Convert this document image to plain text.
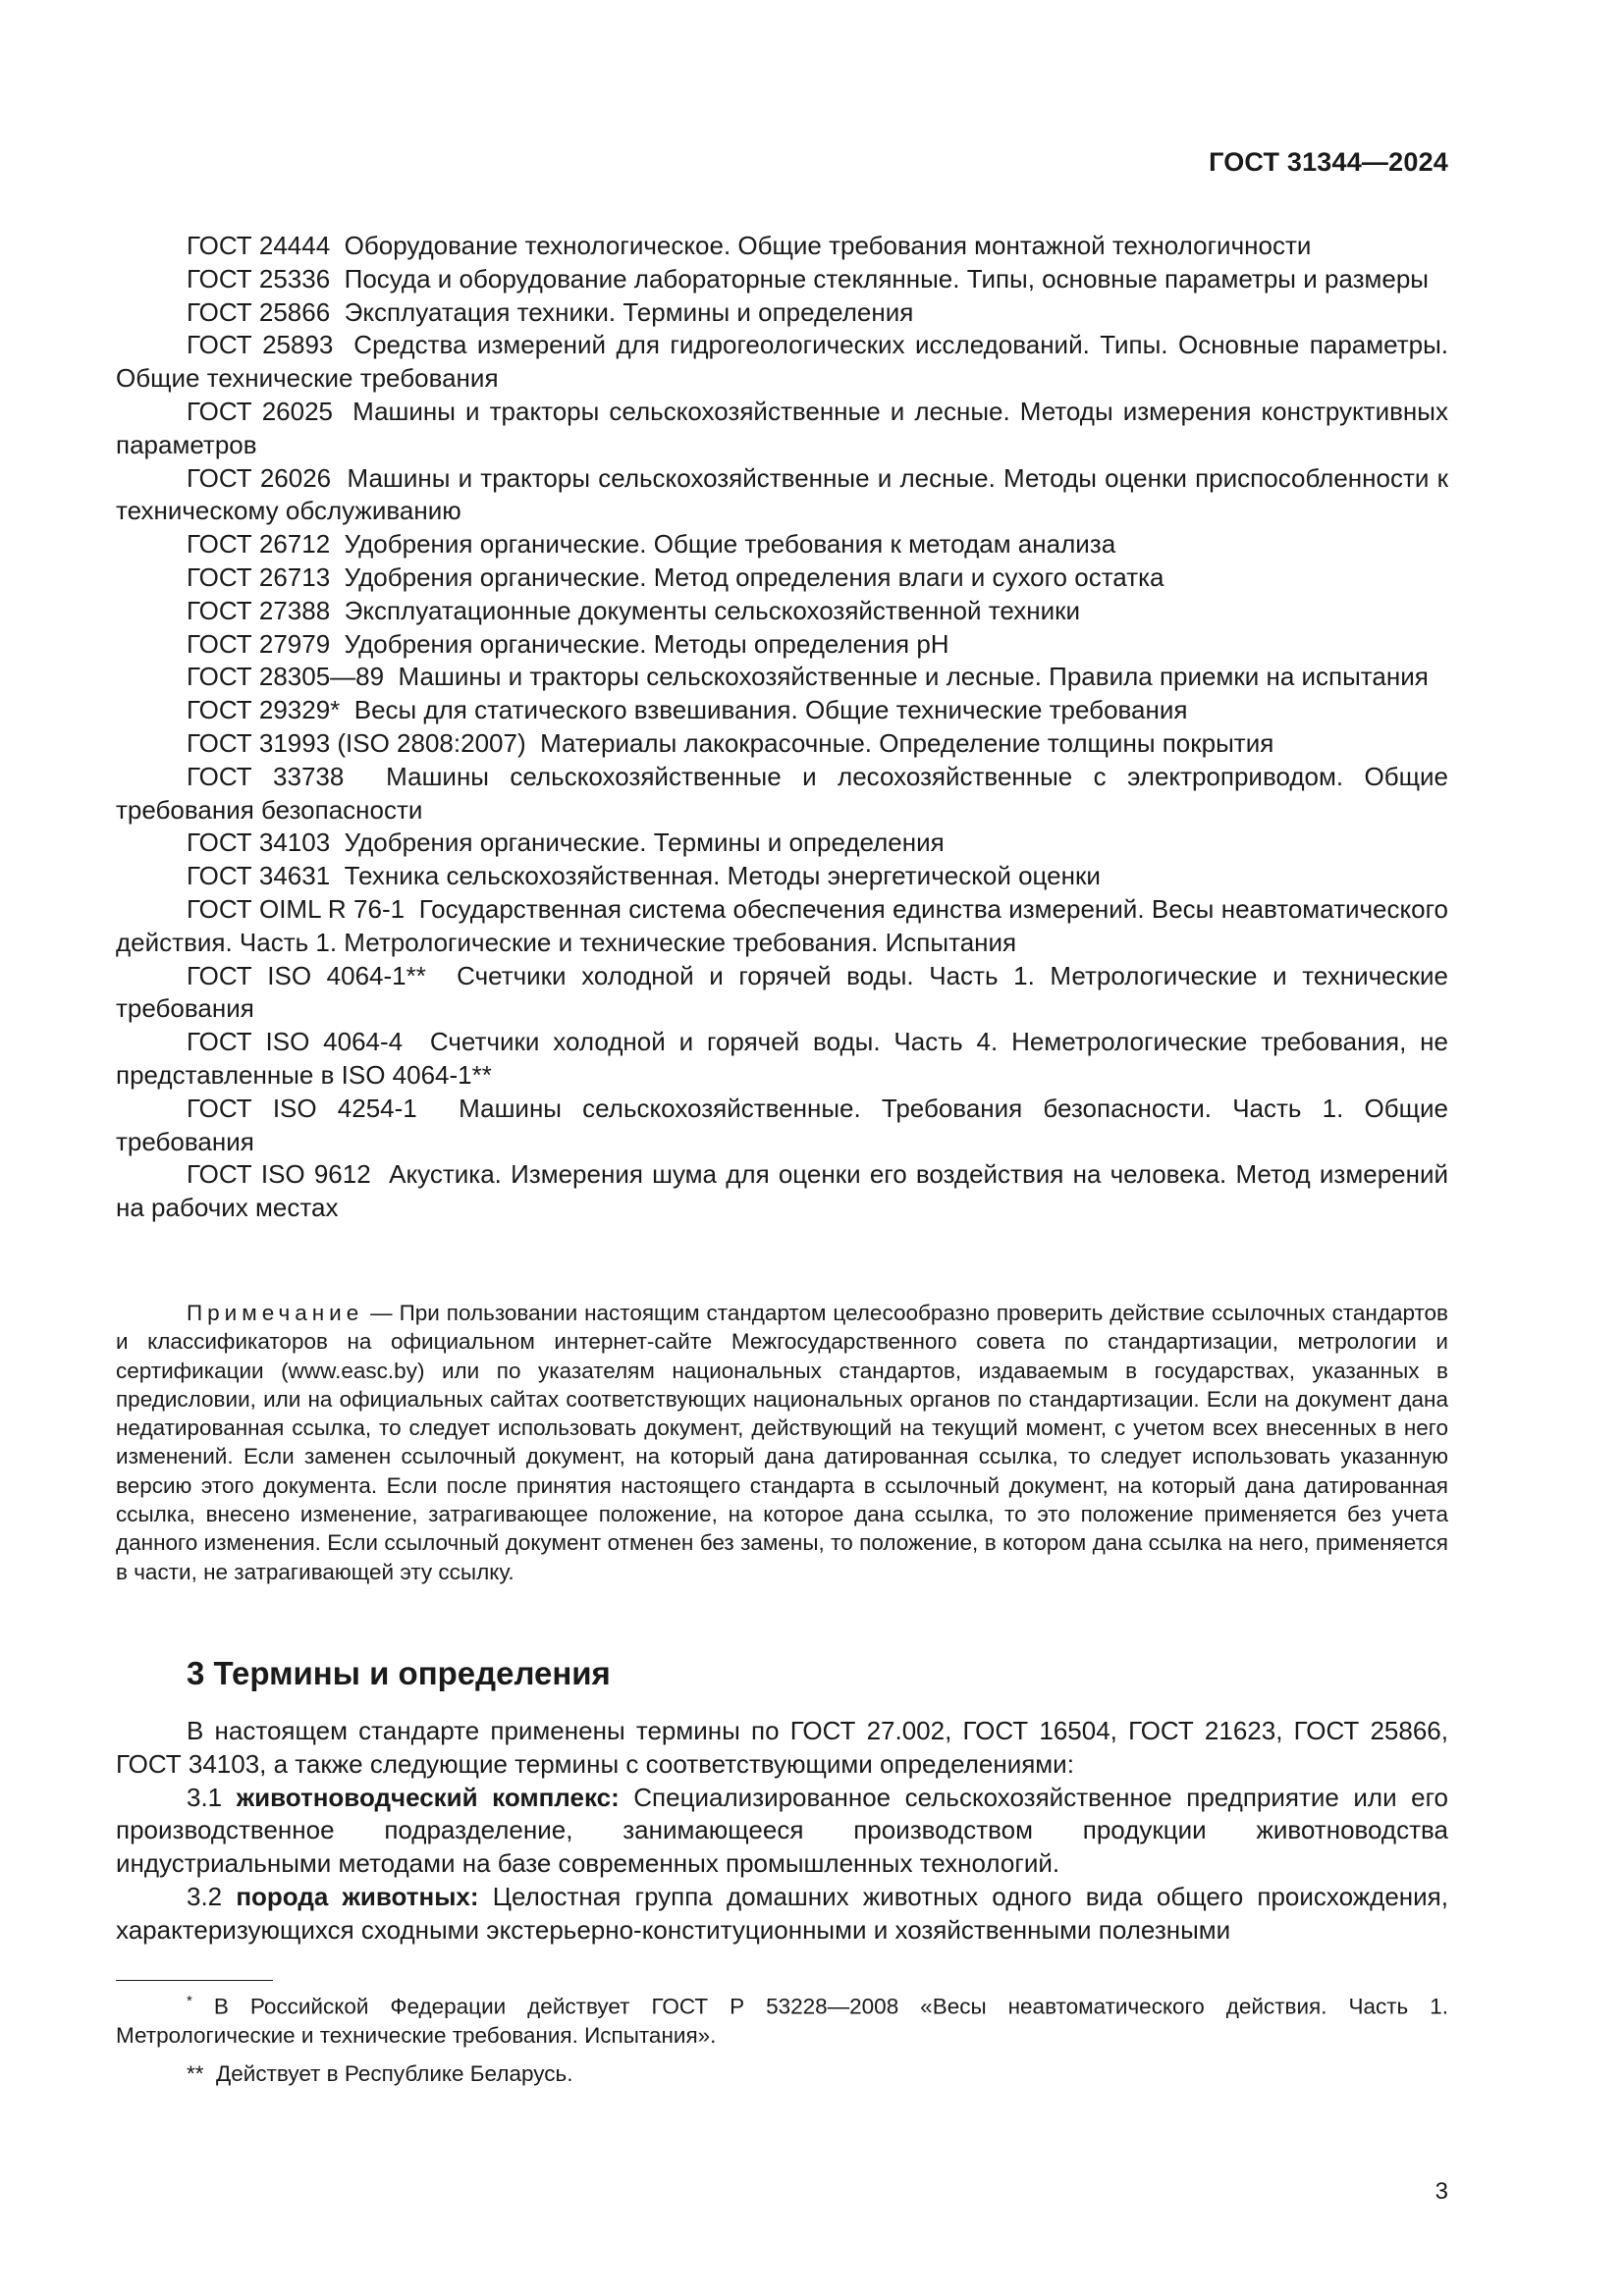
ГОСТ 31344—2024

ГОСТ 24444 Оборудование технологическое. Общие требования монтажной технологичности

ГОСТ 25336 Посуда и оборудование лабораторные стеклянные. Типы, основные параметры и размеры

ГОСТ 25866 Эксплуатация техники. Термины и определения

ГОСТ 25893 Средства измерений для гидрогеологических исследований. Типы. Основные параметры. Общие технические требования

ГОСТ 26025 Машины и тракторы сельскохозяйственные и лесные. Методы измерения конструктивных параметров

ГОСТ 26026 Машины и тракторы сельскохозяйственные и лесные. Методы оценки приспособленности к техническому обслуживанию

ГОСТ 26712 Удобрения органические. Общие требования к методам анализа

ГОСТ 26713 Удобрения органические. Метод определения влаги и сухого остатка

ГОСТ 27388 Эксплуатационные документы сельскохозяйственной техники

ГОСТ 27979 Удобрения органические. Методы определения pH

ГОСТ 28305—89 Машины и тракторы сельскохозяйственные и лесные. Правила приемки на испытания

ГОСТ 29329* Весы для статического взвешивания. Общие технические требования

ГОСТ 31993 (ISO 2808:2007) Материалы лакокрасочные. Определение толщины покрытия

ГОСТ 33738 Машины сельскохозяйственные и лесохозяйственные с электроприводом. Общие требования безопасности

ГОСТ 34103 Удобрения органические. Термины и определения

ГОСТ 34631 Техника сельскохозяйственная. Методы энергетической оценки

ГОСТ OIML R 76-1 Государственная система обеспечения единства измерений. Весы неавтоматического действия. Часть 1. Метрологические и технические требования. Испытания

ГОСТ ISO 4064-1** Счетчики холодной и горячей воды. Часть 1. Метрологические и технические требования

ГОСТ ISO 4064-4 Счетчики холодной и горячей воды. Часть 4. Неметрологические требования, не представленные в ISO 4064-1**

ГОСТ ISO 4254-1 Машины сельскохозяйственные. Требования безопасности. Часть 1. Общие требования

ГОСТ ISO 9612 Акустика. Измерения шума для оценки его воздействия на человека. Метод измерений на рабочих местах

Примечание — При пользовании настоящим стандартом целесообразно проверить действие ссылочных стандартов и классификаторов на официальном интернет-сайте Межгосударственного совета по стандартизации, метрологии и сертификации (www.easc.by) или по указателям национальных стандартов, издаваемым в государствах, указанных в предисловии, или на официальных сайтах соответствующих национальных органов по стандартизации. Если на документ дана недатированная ссылка, то следует использовать документ, действующий на текущий момент, с учетом всех внесенных в него изменений. Если заменен ссылочный документ, на который дана датированная ссылка, то следует использовать указанную версию этого документа. Если после принятия настоящего стандарта в ссылочный документ, на который дана датированная ссылка, внесено изменение, затрагивающее положение, на которое дана ссылка, то это положение применяется без учета данного изменения. Если ссылочный документ отменен без замены, то положение, в котором дана ссылка на него, применяется в части, не затрагивающей эту ссылку.

3 Термины и определения

В настоящем стандарте применены термины по ГОСТ 27.002, ГОСТ 16504, ГОСТ 21623, ГОСТ 25866, ГОСТ 34103, а также следующие термины с соответствующими определениями:

3.1 животноводческий комплекс: Специализированное сельскохозяйственное предприятие или его производственное подразделение, занимающееся производством продукции животноводства индустриальными методами на базе современных промышленных технологий.

3.2 порода животных: Целостная группа домашних животных одного вида общего происхождения, характеризующихся сходными экстерьерно-конституционными и хозяйственными полезными

* В Российской Федерации действует ГОСТ Р 53228—2008 «Весы неавтоматического действия. Часть 1. Метрологические и технические требования. Испытания».

** Действует в Республике Беларусь.

3
